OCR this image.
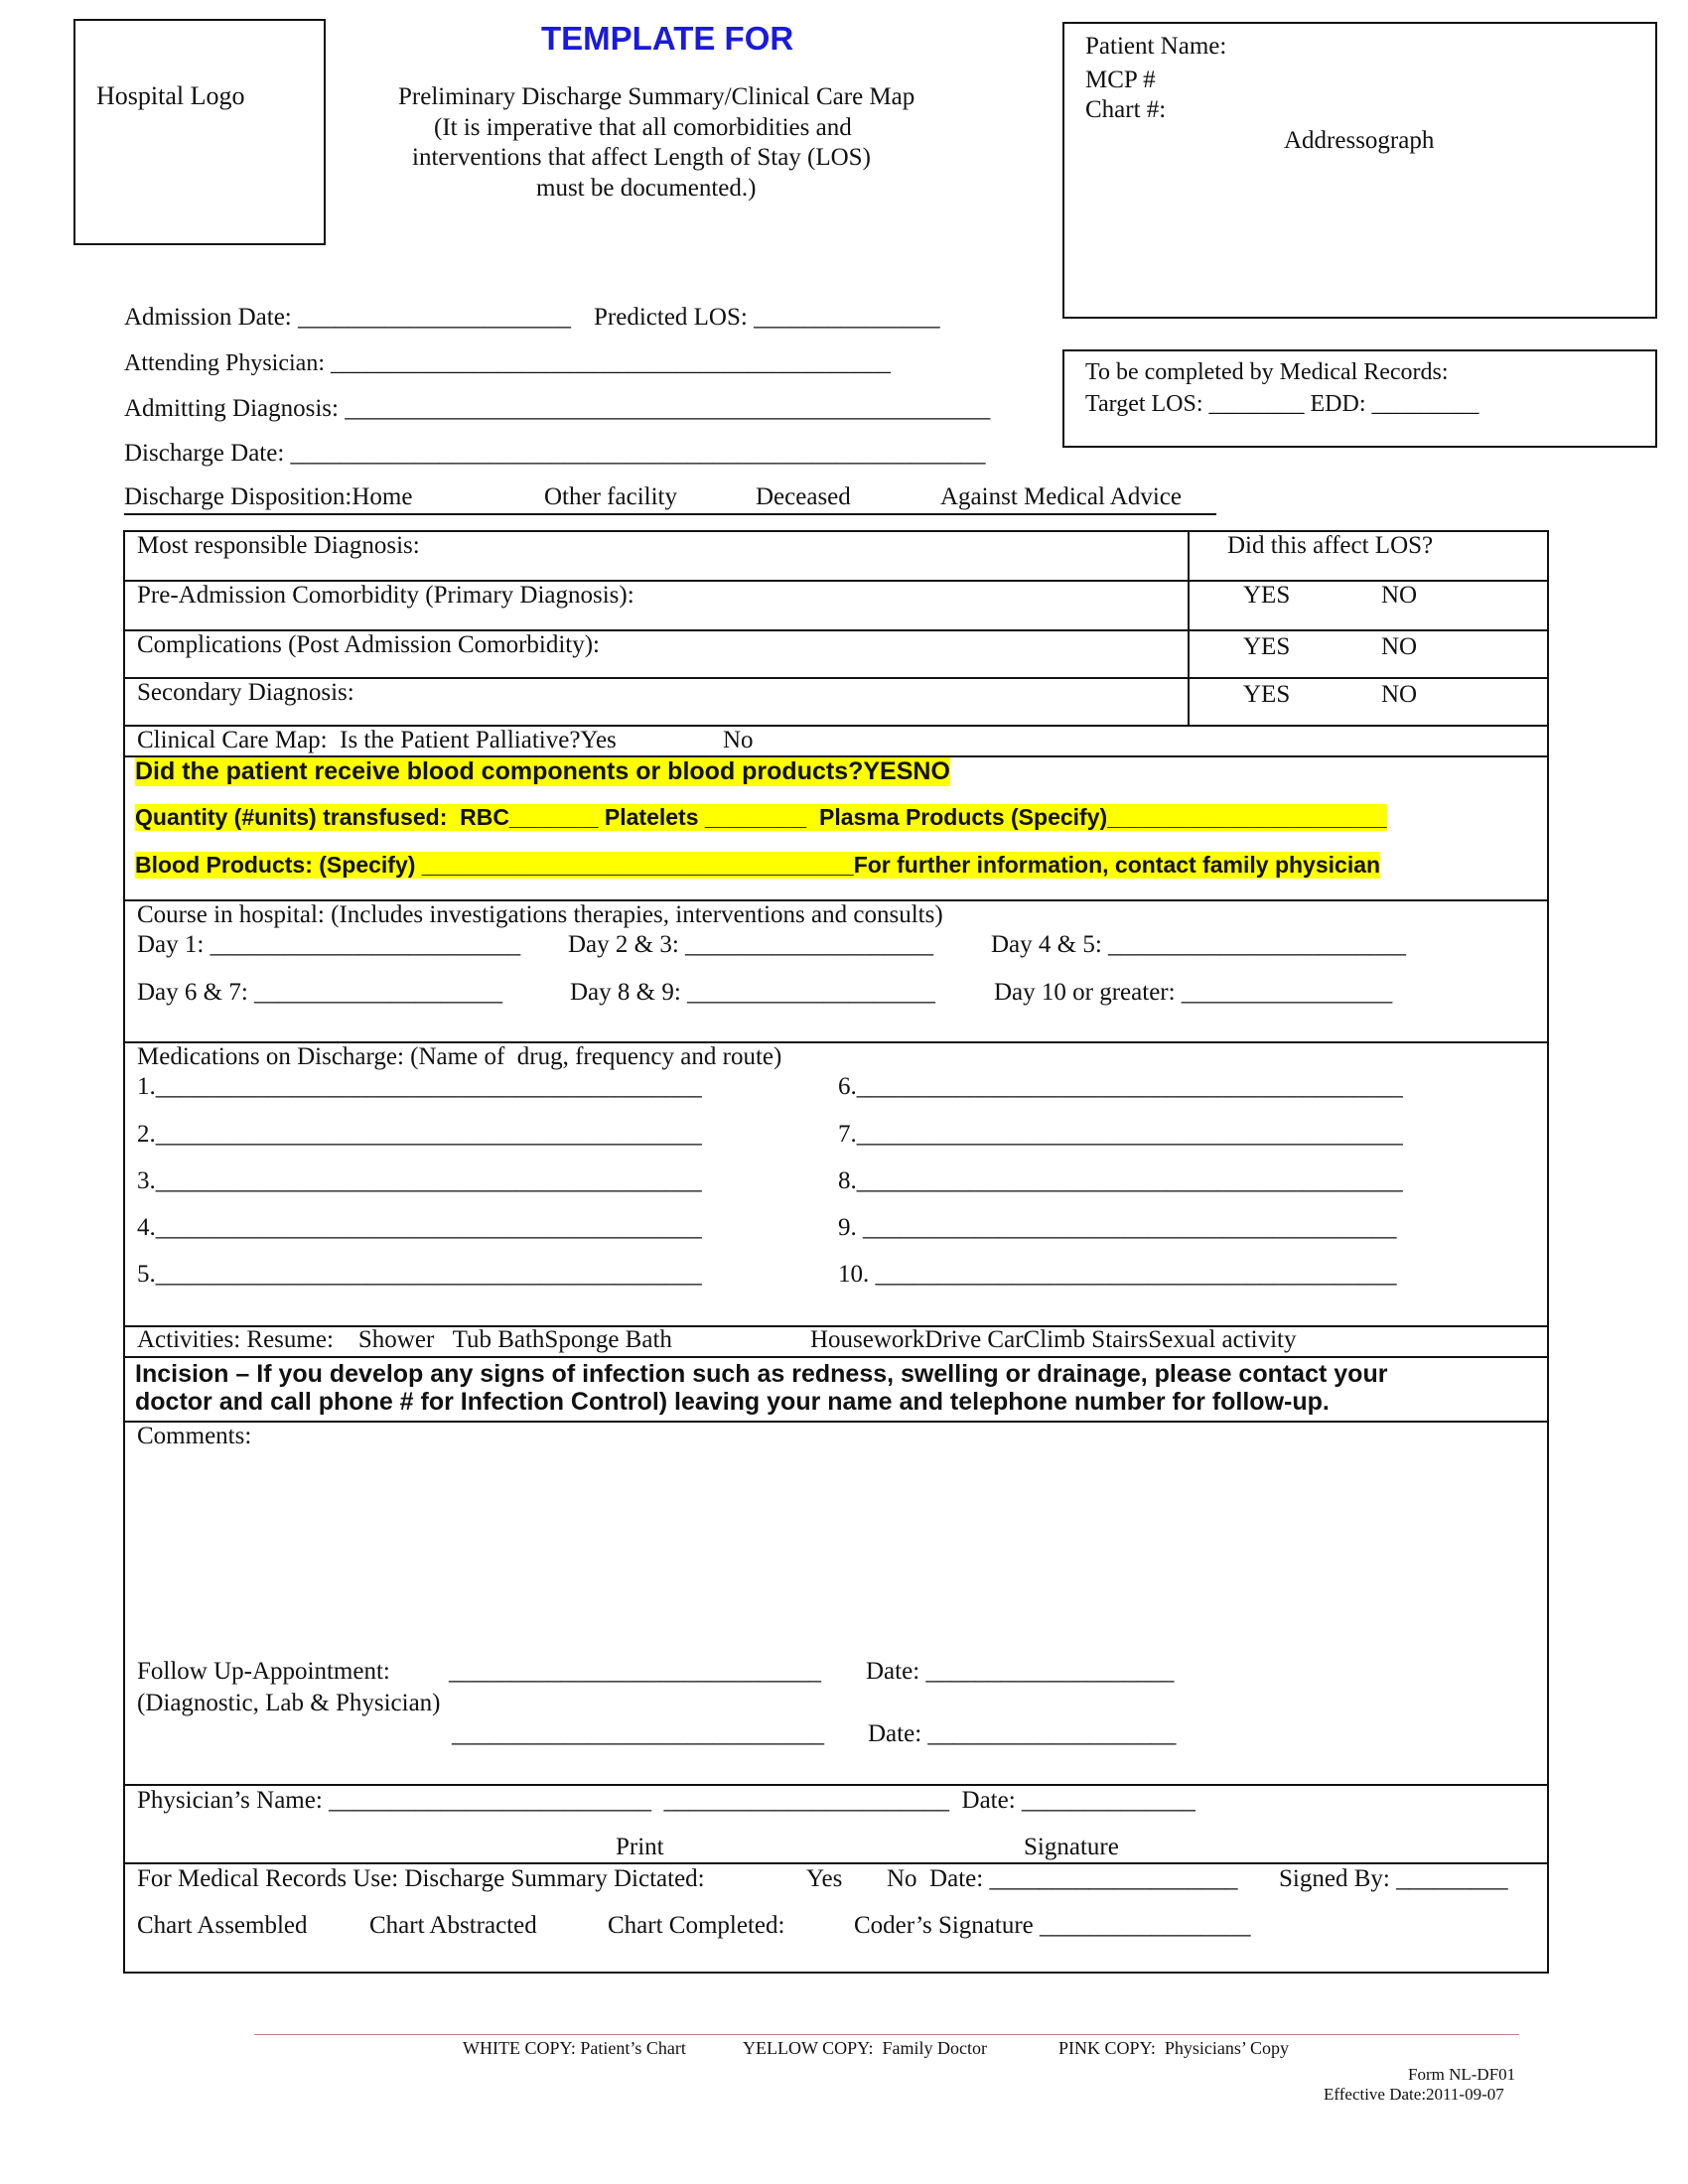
Hospital Logo
TEMPLATE FOR
Preliminary Discharge Summary/Clinical Care Map
(It is imperative that all comorbidities and
interventions that affect Length of Stay (LOS)
must be documented.)
Patient Name:
MCP #
Chart #:
Addressograph
To be completed by Medical Records:
Target LOS: ________ EDD: _________
Admission Date: ______________________ Predicted LOS: _______________
Attending Physician: _______________________________________________
Admitting Diagnosis: ____________________________________________________
Discharge Date: ________________________________________________________
Discharge Disposition:Home	Other facility	Deceased	Against Medical Advice
Most responsible Diagnosis:	Did this affect LOS?
Pre-Admission Comorbidity (Primary Diagnosis):	YES	NO
Complications (Post Admission Comorbidity):	YES	NO
Secondary Diagnosis:	YES	NO
Clinical Care Map:  Is the Patient Palliative?Yes	No
Did the patient receive blood components or blood products?YESNO
Quantity (#units) transfused:  RBC_______ Platelets ________  Plasma Products (Specify)______________________
Blood Products: (Specify) __________________________________For further information, contact family physician
Course in hospital: (Includes investigations therapies, interventions and consults)
Day 1: _________________________ Day 2 & 3: ____________________ Day 4 & 5: ________________________
Day 6 & 7: ____________________	Day 8 & 9: ____________________ Day 10 or greater: _________________
Medications on Discharge: (Name of  drug, frequency and route)
1.____________________________________________
2.____________________________________________
3.____________________________________________
4.____________________________________________
5.____________________________________________
6.____________________________________________
7.____________________________________________
8.____________________________________________
9. ___________________________________________
10. __________________________________________
Activities: Resume:    Shower   Tub BathSponge Bath	HouseworkDrive CarClimb StairsSexual activity
Incision – If you develop any signs of infection such as redness, swelling or drainage, please contact your
doctor and call phone # for Infection Control) leaving your name and telephone number for follow-up.
Comments:
Follow Up-Appointment:
(Diagnostic, Lab & Physician)
______________________________ Date: ____________________
______________________________ Date: ____________________
Physician’s Name: __________________________  _______________________  Date: ______________
Print	Signature
For Medical Records Use: Discharge Summary Dictated:	Yes No  Date: ____________________ Signed By: _________
Chart Assembled Chart Abstracted	Chart Completed:	Coder’s Signature _________________
WHITE COPY: Patient’s Chart	YELLOW COPY:  Family Doctor	PINK COPY:  Physicians’ Copy
Form NL-DF01
Effective Date:2011-09-07
